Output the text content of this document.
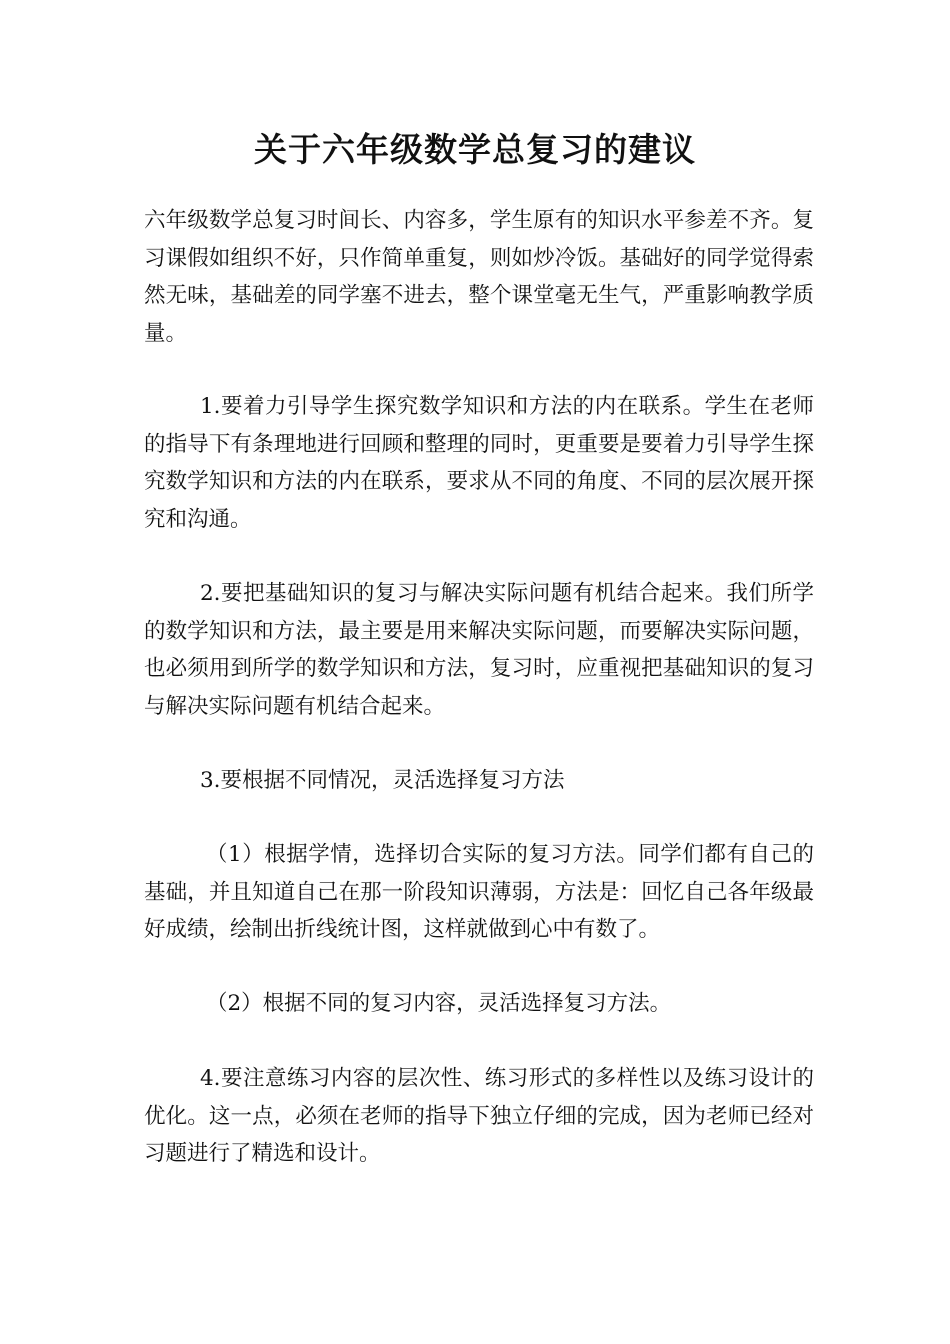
关于六年级数学总复习的建议

六年级数学总复习时间长、内容多，学生原有的知识水平参差不齐。复习课假如组织不好，只作简单重复，则如炒冷饭。基础好的同学觉得索然无味，基础差的同学塞不进去，整个课堂毫无生气，严重影响教学质量。

1.要着力引导学生探究数学知识和方法的内在联系。学生在老师的指导下有条理地进行回顾和整理的同时，更重要是要着力引导学生探究数学知识和方法的内在联系，要求从不同的角度、不同的层次展开探究和沟通。

2.要把基础知识的复习与解决实际问题有机结合起来。我们所学的数学知识和方法，最主要是用来解决实际问题，而要解决实际问题，也必须用到所学的数学知识和方法，复习时，应重视把基础知识的复习与解决实际问题有机结合起来。

3.要根据不同情况，灵活选择复习方法

（1）根据学情，选择切合实际的复习方法。同学们都有自己的基础，并且知道自己在那一阶段知识薄弱，方法是：回忆自己各年级最好成绩，绘制出折线统计图，这样就做到心中有数了。

（2）根据不同的复习内容，灵活选择复习方法。

4.要注意练习内容的层次性、练习形式的多样性以及练习设计的优化。这一点，必须在老师的指导下独立仔细的完成，因为老师已经对习题进行了精选和设计。
